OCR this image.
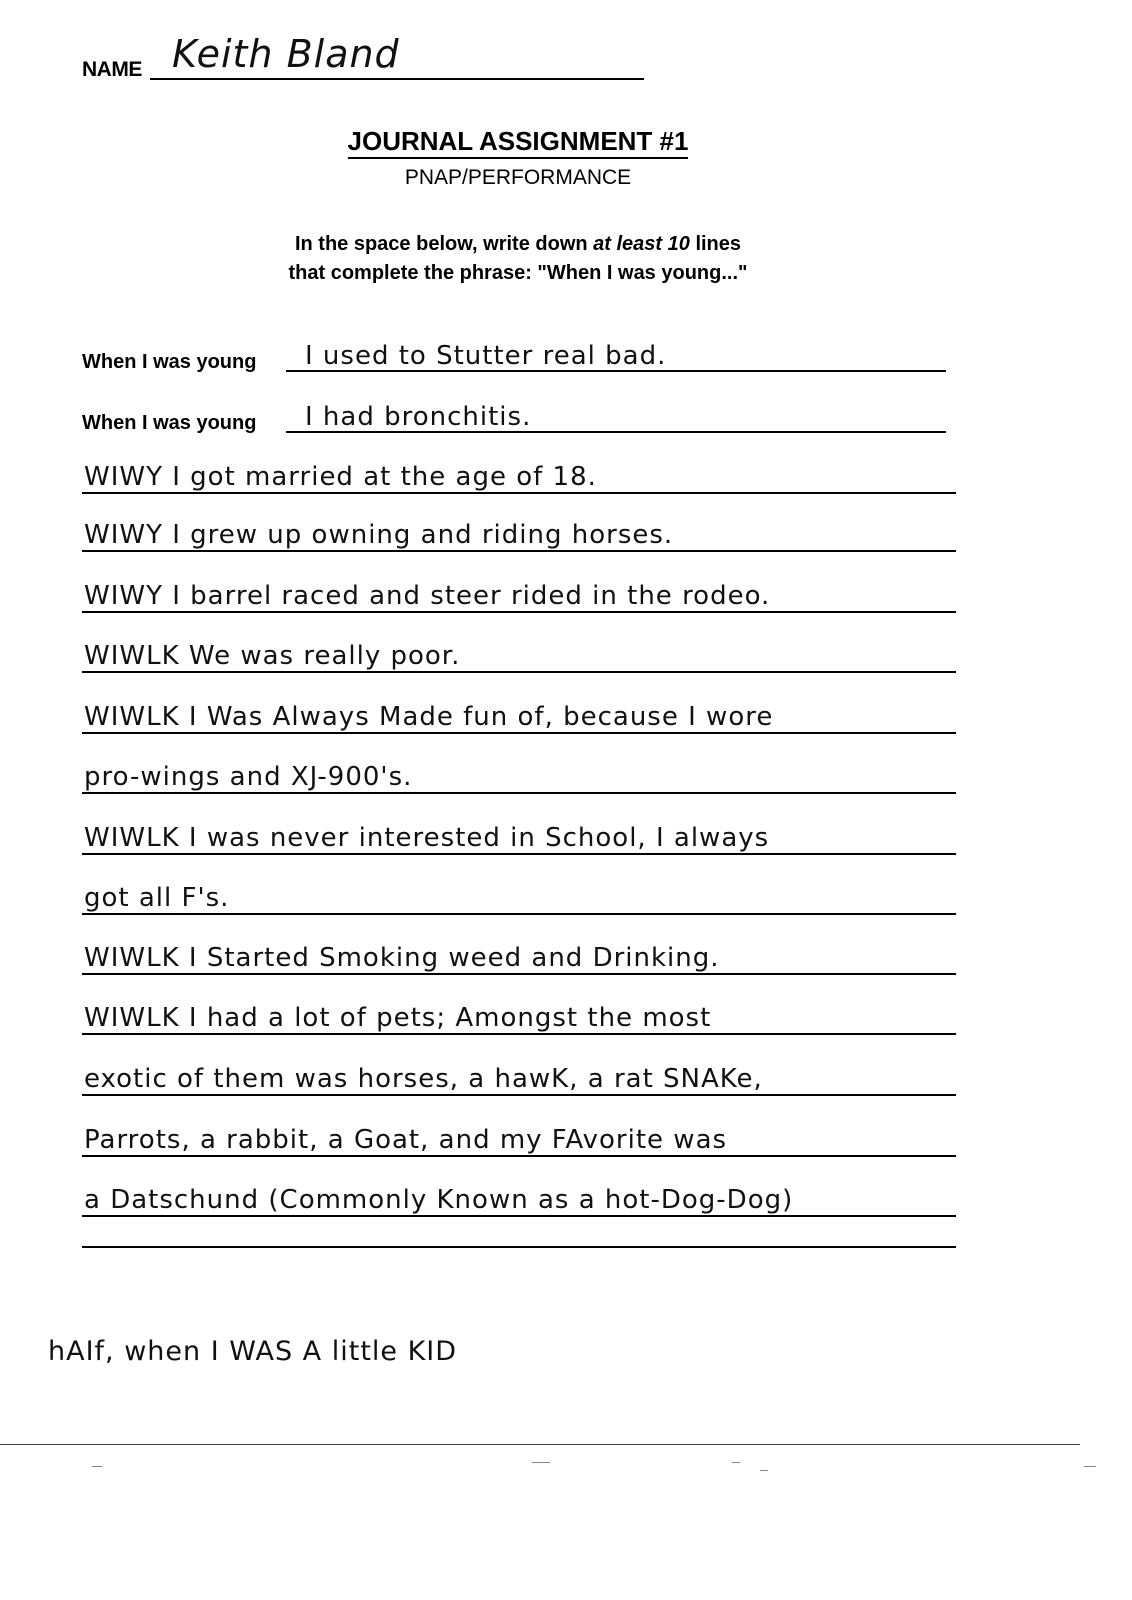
NAME Keith Bland
JOURNAL ASSIGNMENT #1
PNAP/PERFORMANCE
In the space below, write down at least 10 lines
that complete the phrase: "When I was young..."
When I was young
When I was young
I used to Stutter real bad.
I had bronchitis.
WIWY I got married at the age of 18.
WIWY I grew up owning and riding horses.
WIWY I barrel raced and steer rided in the rodeo.
WIWLK We was really poor.
WIWLK I Was Always Made fun of, because I wore
pro-wings and XJ-900's.
WIWLK I was never interested in School, I always
got all F's.
WIWLK I Started Smoking weed and Drinking.
WIWLK I had a lot of pets; Amongst the most
exotic of them was horses, a hawK, a rat SNAKe,
Parrots, a rabbit, a Goat, and my FAvorite was
a Datschund (Commonly Known as a hot-Dog-Dog)
hAIf, when I WAS A little KID
